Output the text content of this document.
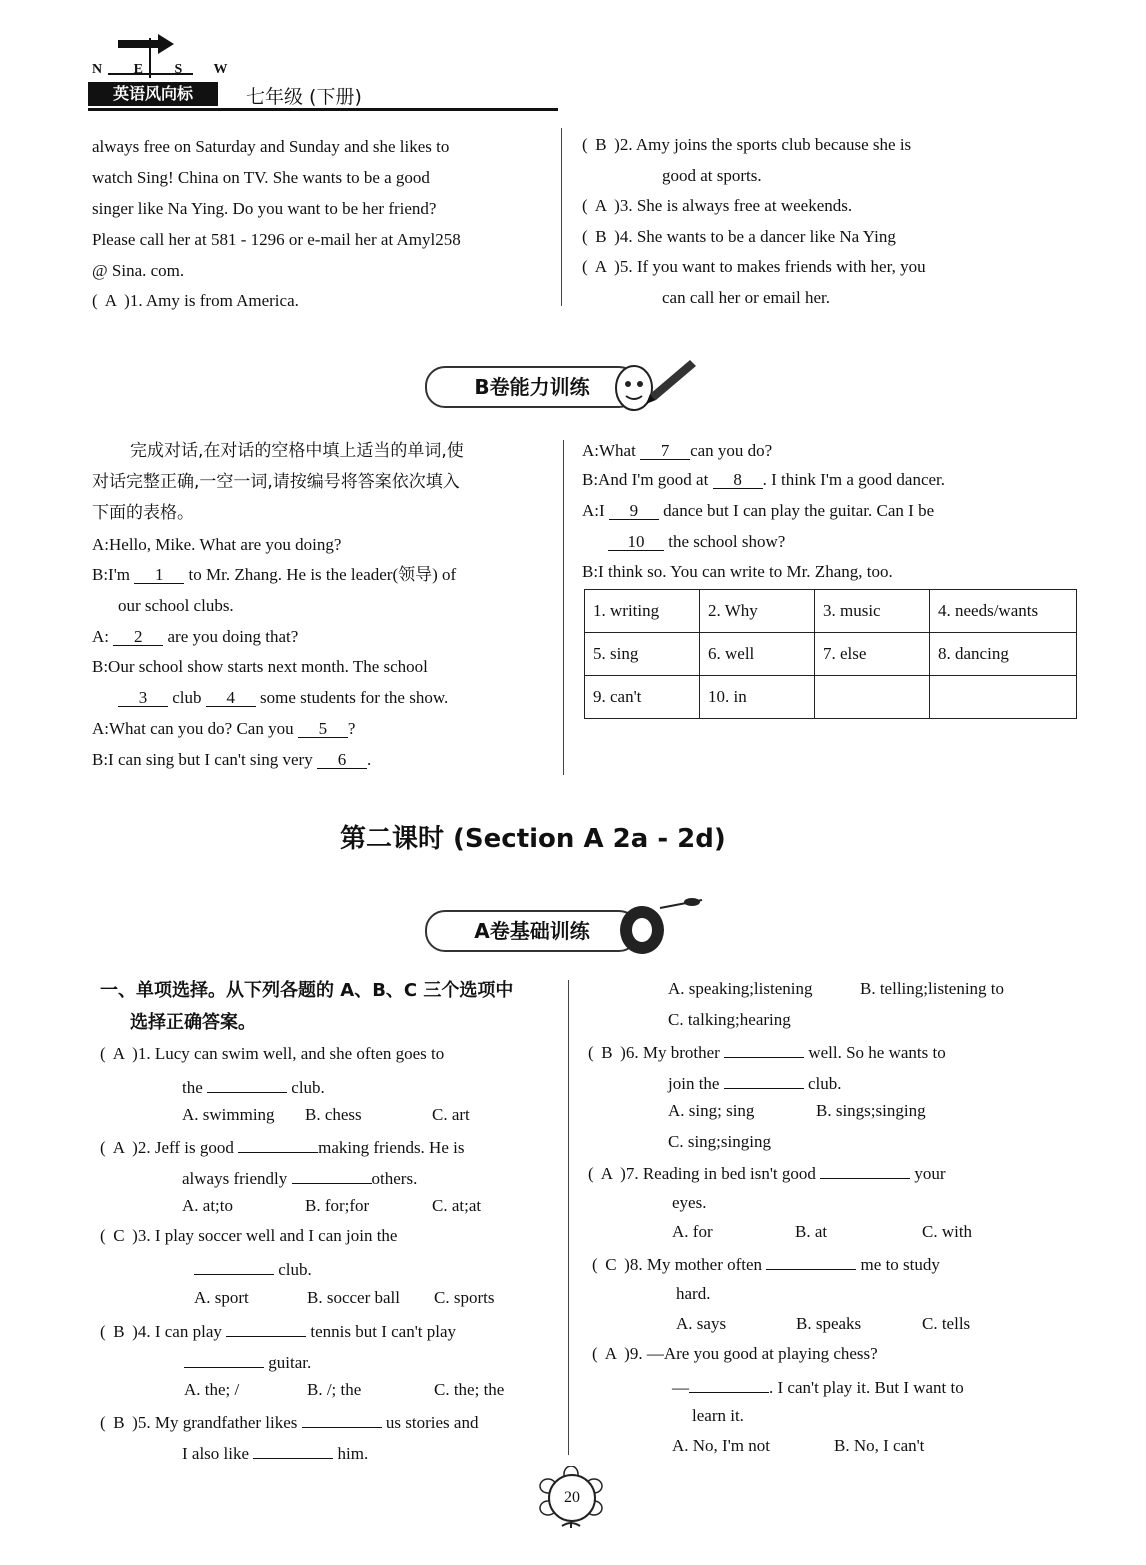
N E S W
英语风向标	七年级 (下册)
always free on Saturday and Sunday and she likes to
watch Sing! China on TV. She wants to be a good
singer like Na Ying. Do you want to be her friend?
Please call her at 581 - 1296 or e-mail her at Amyl258
@ Sina. com.
( A )1. Amy is from America.
( B )2. Amy joins the sports club because she is
good at sports.
( A )3. She is always free at weekends.
( B )4. She wants to be a dancer like Na Ying
( A )5. If you want to makes friends with her, you
can call her or email her.
B卷能力训练
完成对话,在对话的空格中填上适当的单词,使
对话完整正确,一空一词,请按编号将答案依次填入
下面的表格。
A:Hello, Mike. What are you doing?
B:I'm 1 to Mr. Zhang. He is the leader(领导) of
our school clubs.
A: 2 are you doing that?
B:Our school show starts next month. The school
3 club 4 some students for the show.
A:What can you do? Can you 5 ?
B:I can sing but I can't sing very 6 .
A:What 7 can you do?
B:And I'm good at 8 . I think I'm a good dancer.
A:I 9 dance but I can play the guitar. Can I be
10 the school show?
B:I think so. You can write to Mr. Zhang, too.
1. writing	2. Why	3. music	4. needs/wants
5. sing	6. well	7. else	8. dancing
9. can't	10. in		
第二课时 (Section A 2a - 2d)
A卷基础训练
一、单项选择。从下列各题的 A、B、C 三个选项中
选择正确答案。
( A )1. Lucy can swim well, and she often goes to
the	club.
A. swimming B. chess	C. art
( A )2. Jeff is good	making friends. He is
always friendly	others.
A. at;to	B. for;for	C. at;at
( C )3. I play soccer well and I can join the
club.
A. sport	B. soccer ball C. sports
( B )4. I can play	tennis but I can't play
guitar.
A. the; /	B. /; the	C. the; the
( B )5. My grandfather likes	us stories and
I also like	him.
A. speaking;listening	B. telling;listening to
C. talking;hearing
( B )6. My brother	well. So he wants to
join the	club.
A. sing; sing	B. sings;singing
C. sing;singing
( A )7. Reading in bed isn't good	your
eyes.
A. for	B. at	C. with
( C )8. My mother often	me to study
hard.
A. says	B. speaks	C. tells
( A )9. —Are you good at playing chess?
—	. I can't play it. But I want to
learn it.
A. No, I'm not	B. No, I can't
20
